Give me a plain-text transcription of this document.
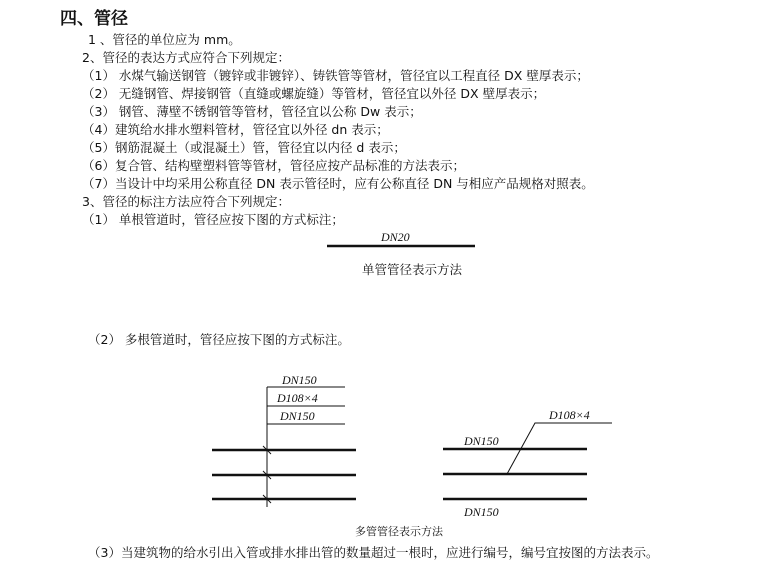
四、管径
1 、管径的单位应为 mm。
2、管径的表达方式应符合下列规定：
（1） 水煤气输送钢管（镀锌或非镀锌）、铸铁管等管材，管径宜以工程直径 DX 壁厚表示；
（2） 无缝钢管、焊接钢管（直缝或螺旋缝）等管材，管径宜以外径 DX 壁厚表示；
（3） 钢管、薄壁不锈钢管等管材，管径宜以公称 Dw 表示；
（4）建筑给水排水塑料管材，管径宜以外径 dn 表示；
（5）钢筋混凝土（或混凝土）管，管径宜以内径 d 表示；
（6）复合管、结构壁塑料管等管材，管径应按产品标准的方法表示；
（7）当设计中均采用公称直径 DN 表示管径时，应有公称直径 DN 与相应产品规格对照表。
3、管径的标注方法应符合下列规定：
（1） 单根管道时，管径应按下图的方式标注；
单管管径表示方法
（2） 多根管道时，管径应按下图的方式标注。
多管管径表示方法
（3）当建筑物的给水引出入管或排水排出管的数量超过一根时，应进行编号，编号宜按图的方法表示。
DN20
DN150
D108×4
DN150	D108×4
DN150
DN150
